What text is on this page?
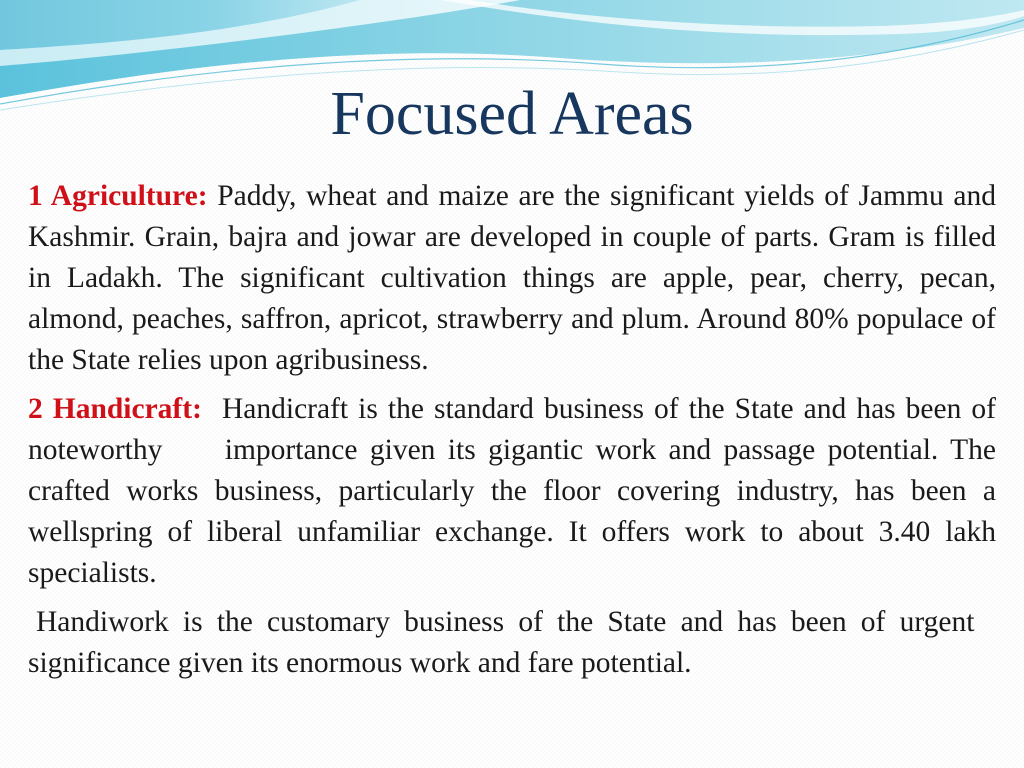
Focused Areas

1 Agriculture: Paddy, wheat and maize are the significant yields of Jammu and Kashmir. Grain, bajra and jowar are developed in couple of parts. Gram is filled in Ladakh. The significant cultivation things are apple, pear, cherry, pecan, almond, peaches, saffron, apricot, strawberry and plum. Around 80% populace of the State relies upon agribusiness.

2 Handicraft: Handicraft is the standard business of the State and has been of noteworthy importance given its gigantic work and passage potential. The crafted works business, particularly the floor covering industry, has been a wellspring of liberal unfamiliar exchange. It offers work to about 3.40 lakh specialists.

Handiwork is the customary business of the State and has been of urgent   significance given its enormous work and fare potential.
